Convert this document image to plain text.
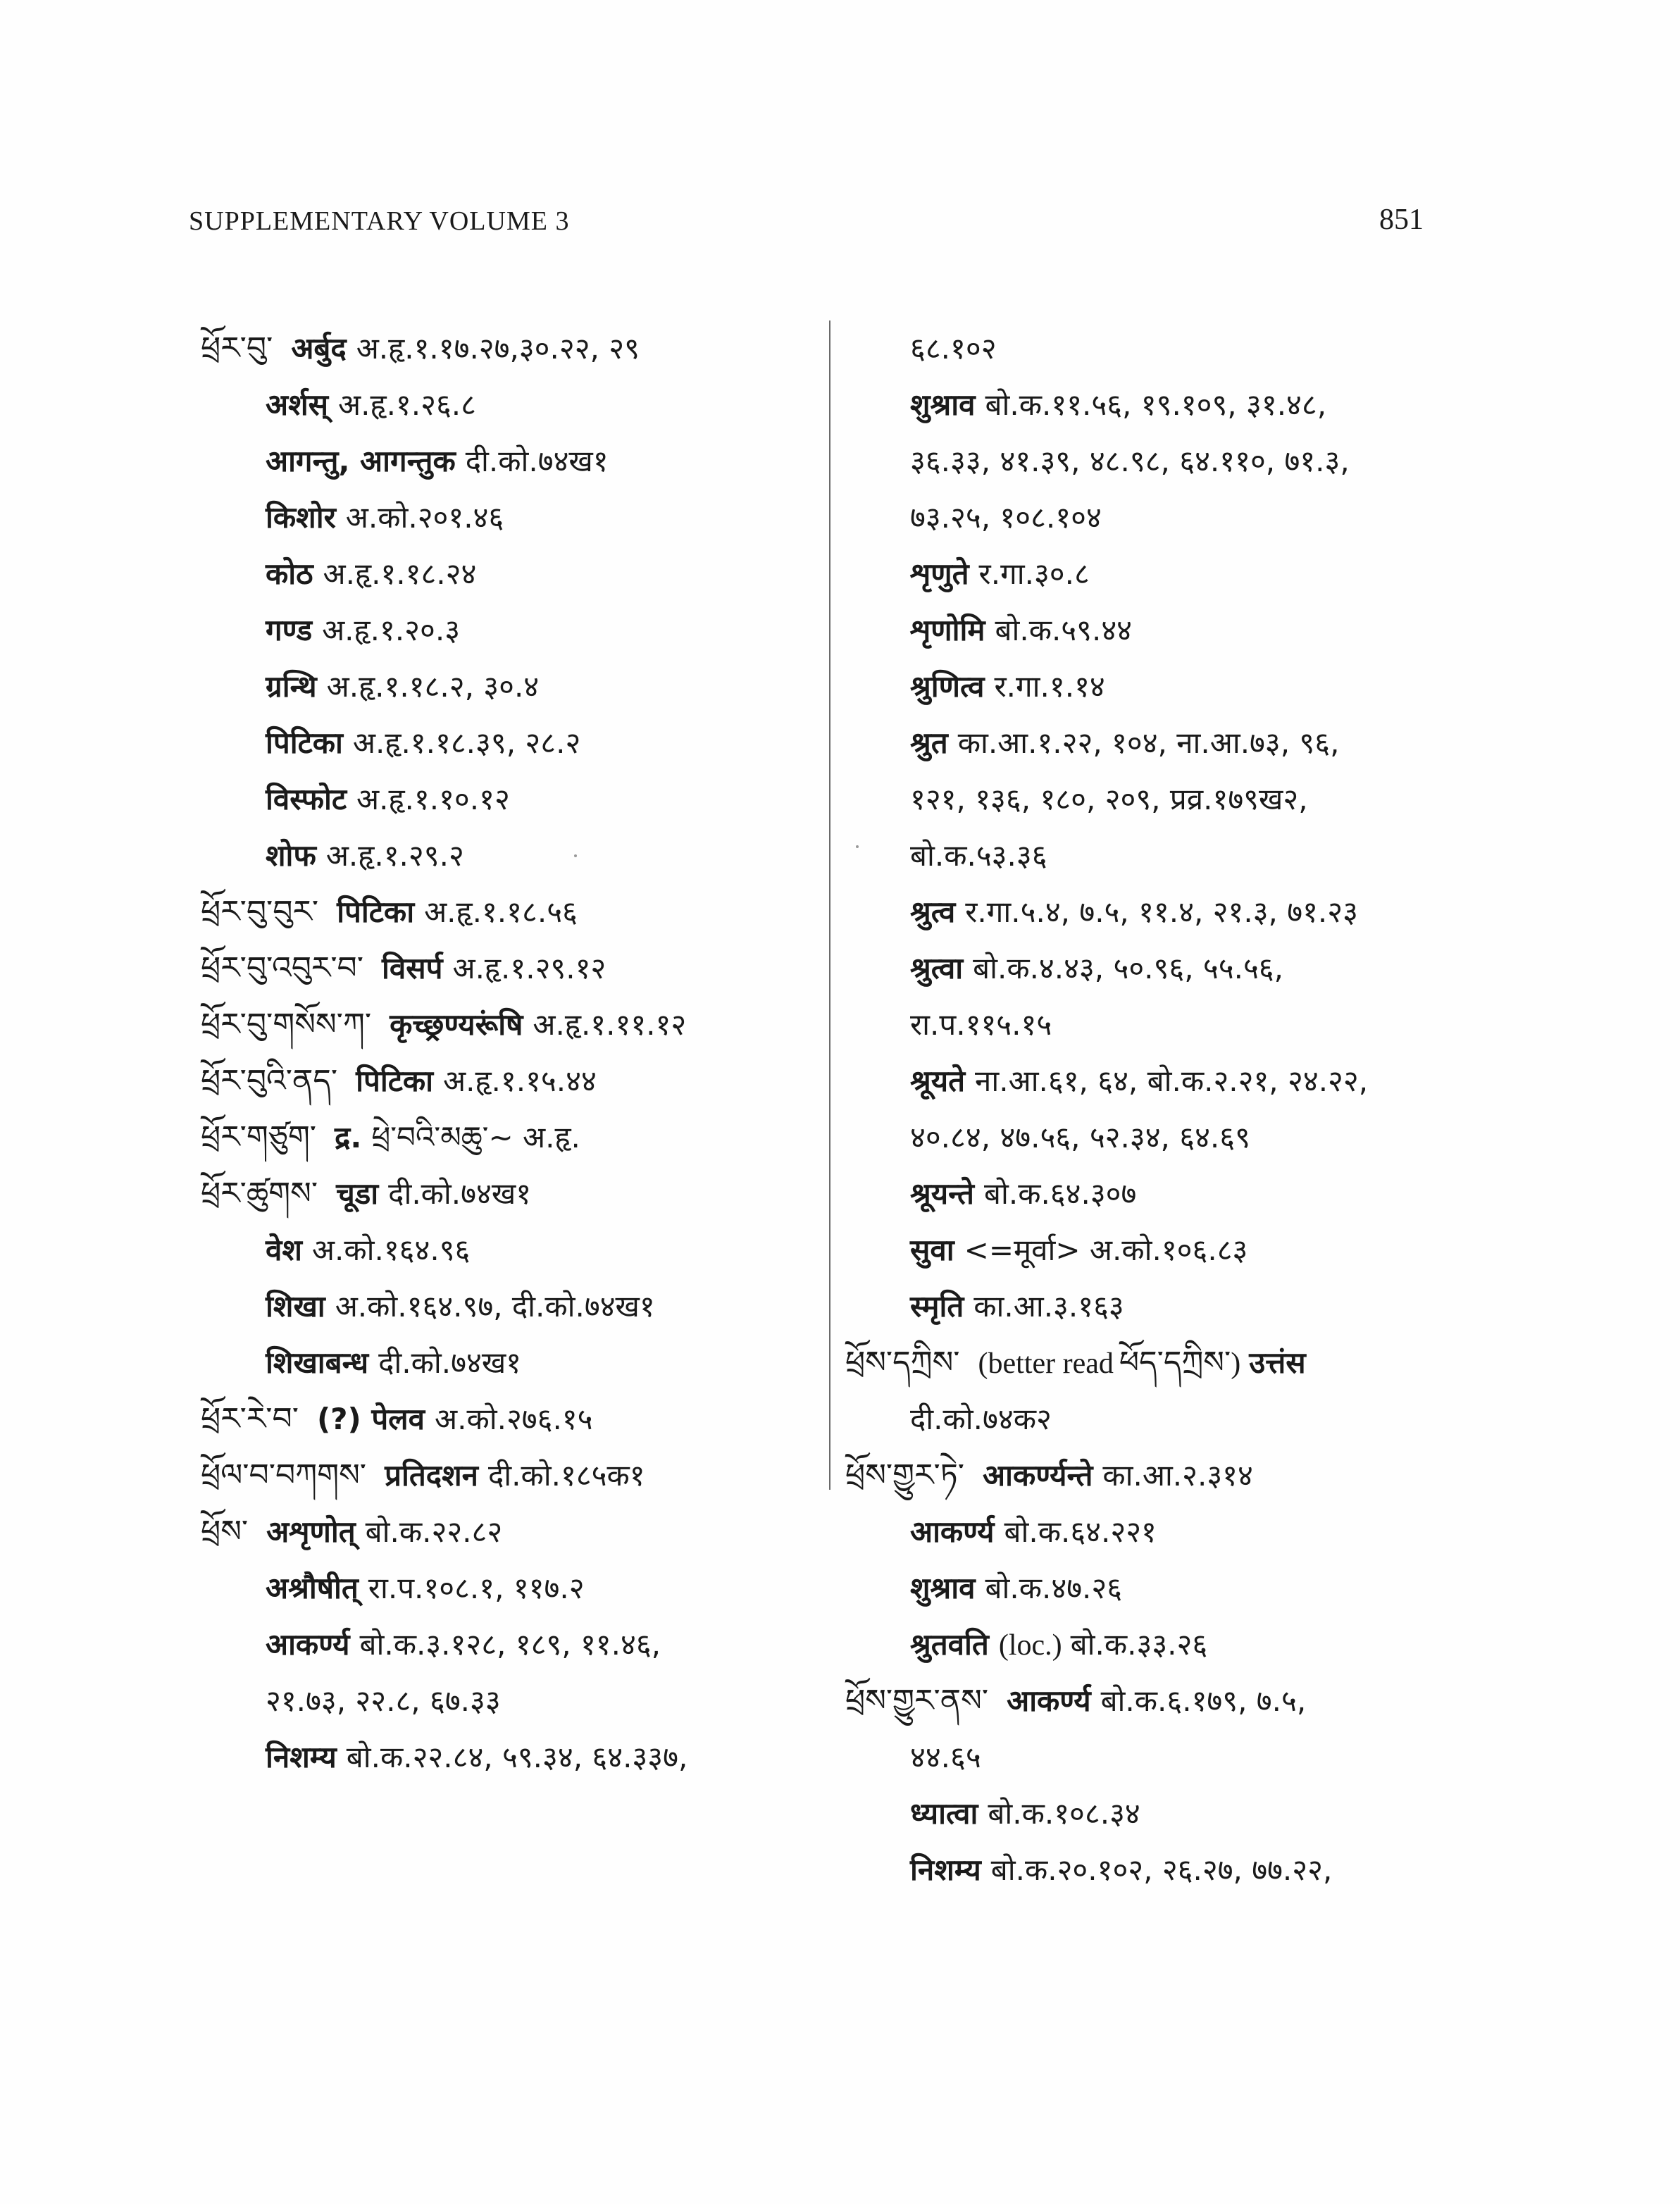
SUPPLEMENTARY VOLUME 3	851
ཕྲོར་བུ་ अर्बुद अ.हृ.१.१७.२७,३०.२२, २९
अर्शस् अ.हृ.१.२६.८
आगन्तु, आगन्तुक दी.को.७४ख१
किशोर अ.को.२०१.४६
कोठ अ.हृ.१.१८.२४
गण्ड अ.हृ.१.२०.३
ग्रन्थि अ.हृ.१.१८.२, ३०.४
पिटिका अ.हृ.१.१८.३९, २८.२
विस्फोट अ.हृ.१.१०.१२
शोफ अ.हृ.१.२९.२
ཕྲོར་བུ་བུར་ पिटिका अ.हृ.१.१८.५६
ཕྲོར་བུ་འབུར་བ་ विसर्प अ.हृ.१.२९.१२
ཕྲོར་བུ་གསོས་ཀ་ कृच्छ्रण्यरूंषि अ.हृ.१.११.१२
ཕྲོར་བུའི་ནད་ पिटिका अ.हृ.१.१५.४४
ཕྲོར་གཙུག་ द्र. ཕྲེ་བའི་མཆུ་~ अ.हृ.
ཕྲོར་ཚུགས་ चूडा दी.को.७४ख१
वेश अ.को.१६४.९६
शिखा अ.को.१६४.९७, दी.को.७४ख१
शिखाबन्ध दी.को.७४ख१
ཕྲོར་རེ་བ་ (?) पेलव अ.को.२७६.१५
ཕྲོལ་བ་བཀགས་ प्रतिदशन दी.को.१८५क१
ཕྲོས་ अशृणोत् बो.क.२२.८२
अश्रौषीत् रा.प.१०८.१, ११७.२
आकर्ण्य बो.क.३.१२८, १८९, ११.४६,
२१.७३, २२.८, ६७.३३
निशम्य बो.क.२२.८४, ५९.३४, ६४.३३७,
६८.१०२
शुश्राव बो.क.११.५६, १९.१०९, ३१.४८,
३६.३३, ४१.३९, ४८.९८, ६४.११०, ७१.३,
७३.२५, १०८.१०४
शृणुते र.गा.३०.८
शृणोमि बो.क.५९.४४
श्रुणित्व र.गा.१.१४
श्रुत का.आ.१.२२, १०४, ना.आ.७३, ९६,
१२१, १३६, १८०, २०९, प्रव्र.१७९ख२,
बो.क.५३.३६
श्रुत्व र.गा.५.४, ७.५, ११.४, २१.३, ७१.२३
श्रुत्वा बो.क.४.४३, ५०.९६, ५५.५६,
रा.प.११५.१५
श्रूयते ना.आ.६१, ६४, बो.क.२.२१, २४.२२,
४०.८४, ४७.५६, ५२.३४, ६४.६९
श्रूयन्ते बो.क.६४.३०७
सुवा <=मूर्वा> अ.को.१०६.८३
स्मृति का.आ.३.१६३
ཕྲོས་དཀྲིས་ (better read ཕོད་དཀྲིས་) उत्तंस
दी.को.७४क२
ཕྲོས་གྱུར་ཏེ་ आकर्ण्यन्ते का.आ.२.३१४
आकर्ण्य बो.क.६४.२२१
शुश्राव बो.क.४७.२६
श्रुतवति (loc.) बो.क.३३.२६
ཕྲོས་གྱུར་ནས་ आकर्ण्य बो.क.६.१७९, ७.५,
४४.६५
ध्यात्वा बो.क.१०८.३४
निशम्य बो.क.२०.१०२, २६.२७, ७७.२२,
